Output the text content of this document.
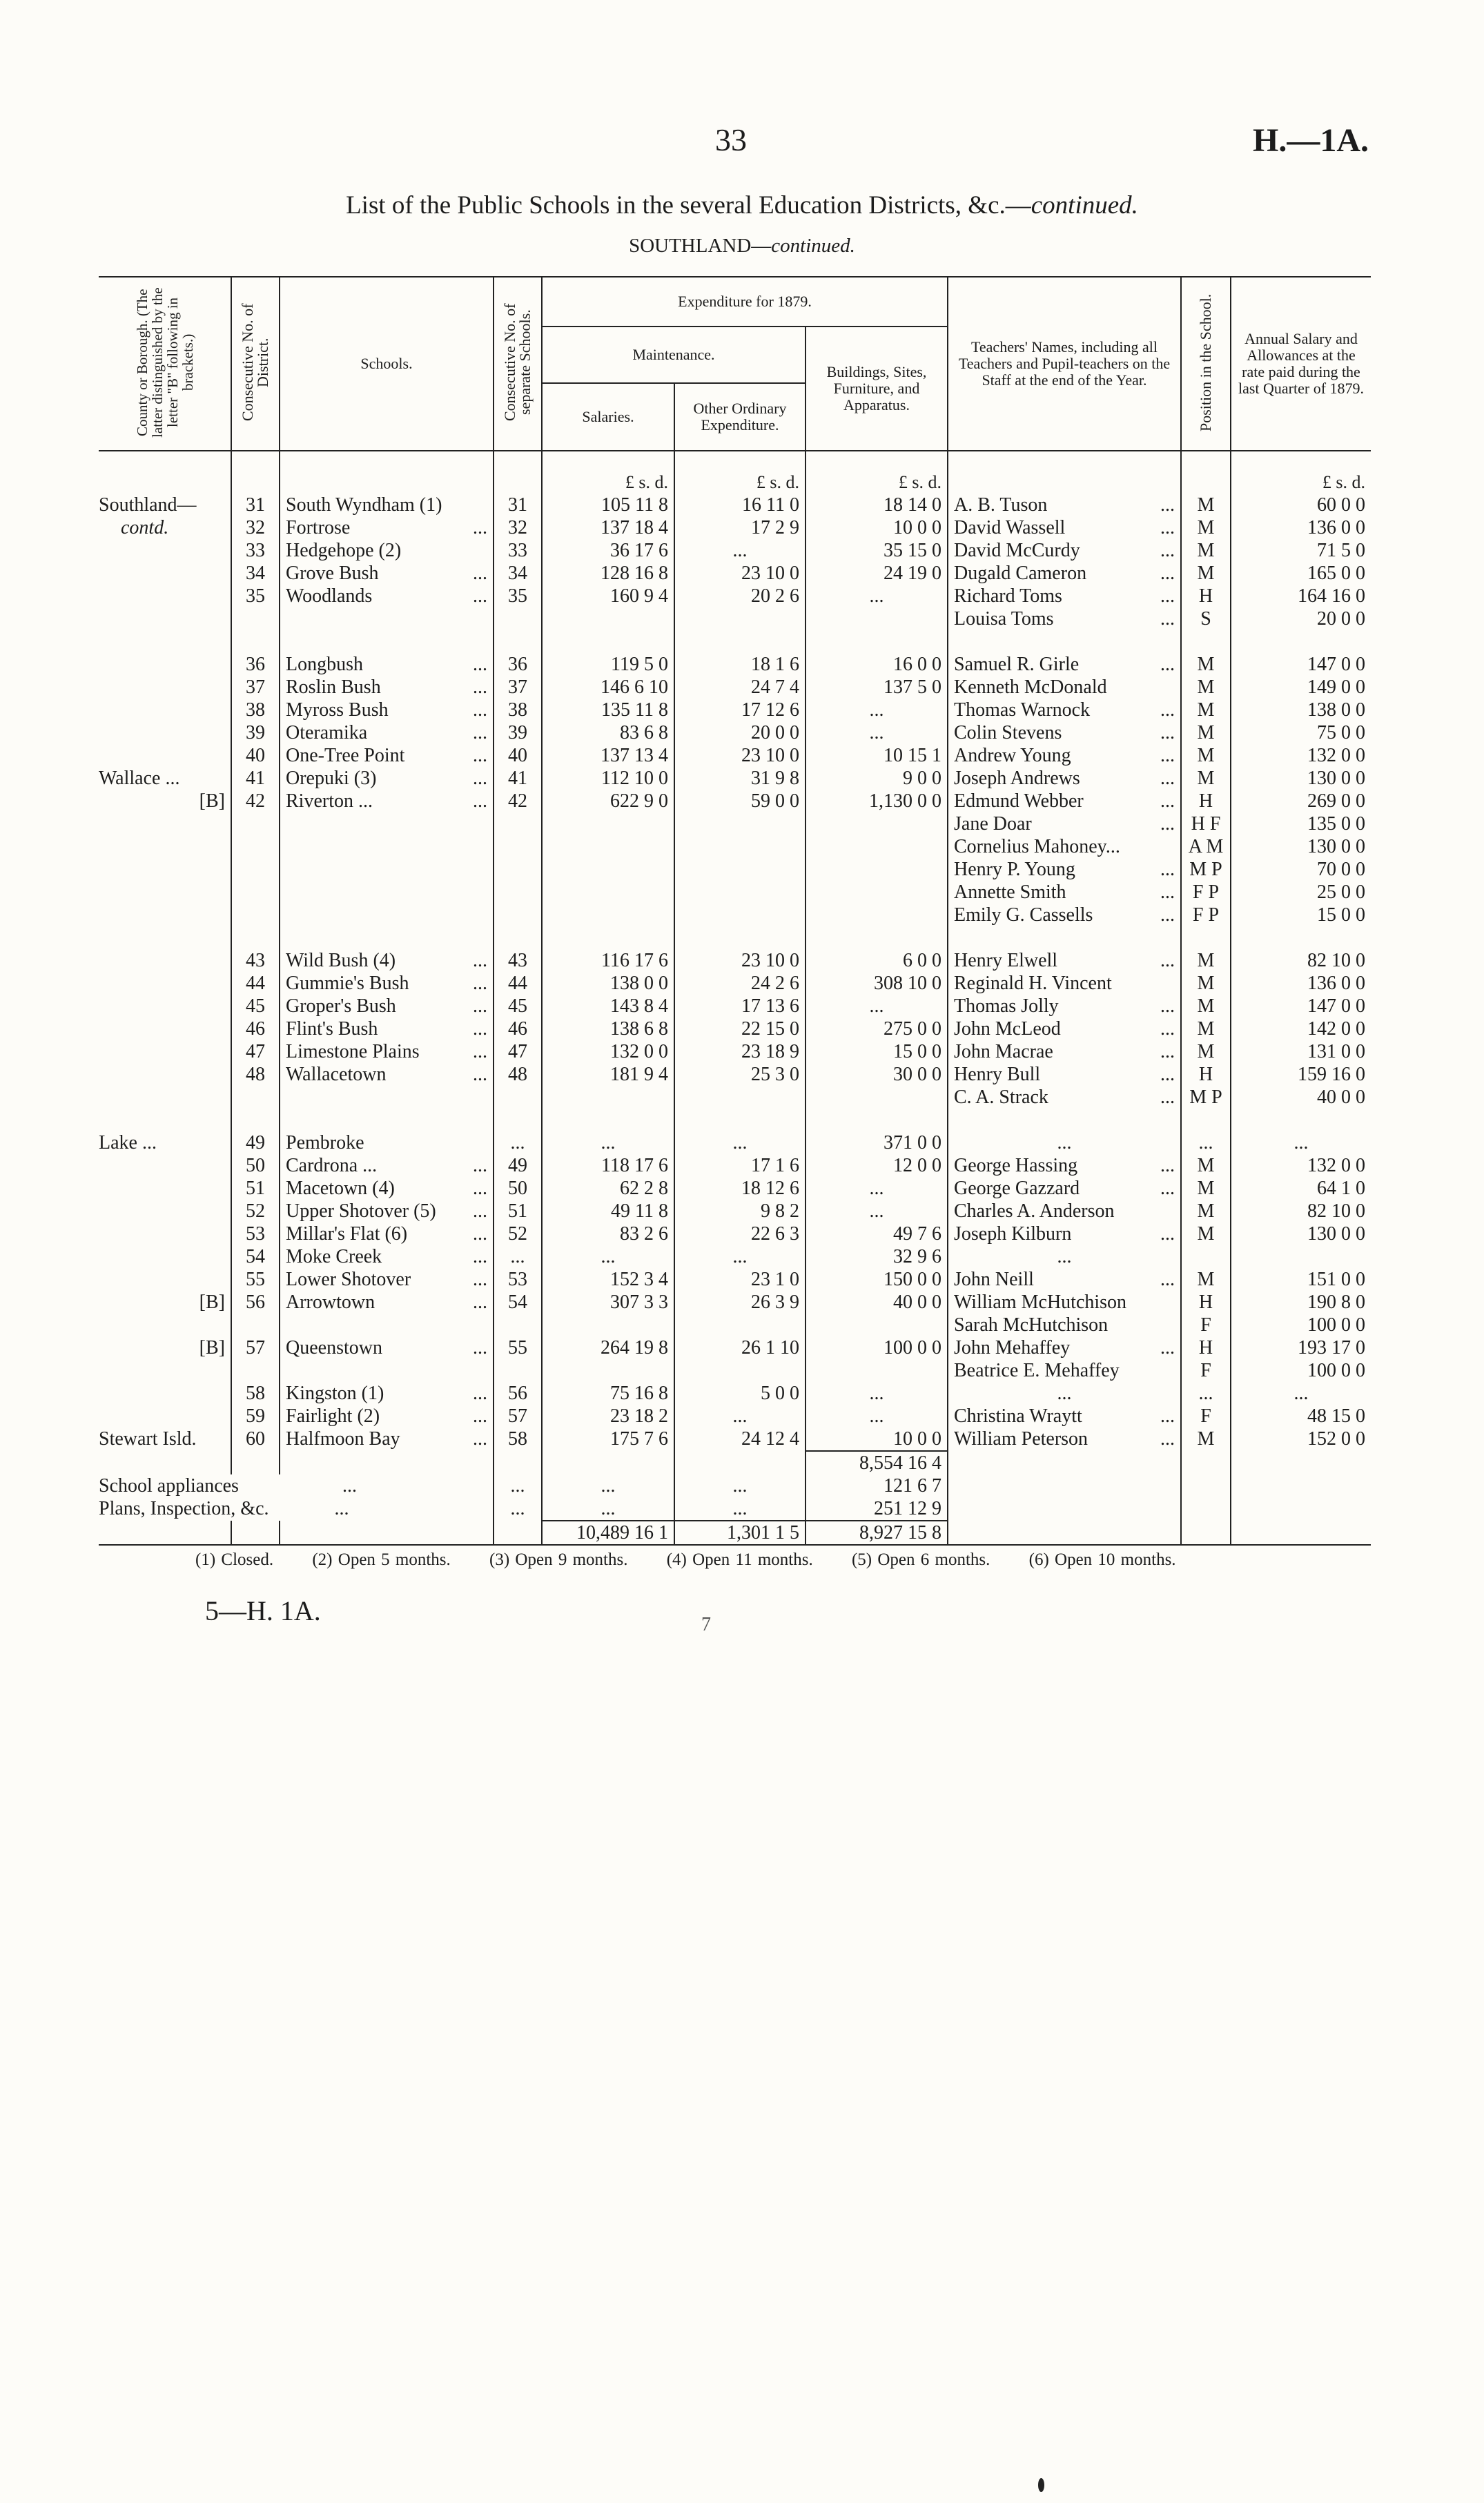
33	H.—1A.
List of the Public Schools in the several Education Districts, &c.—continued.
SOUTHLAND—continued.
County or Borough. (The latter distinguished by the letter "B" following in brackets.)	Consecutive No. of District.	Schools.	Consecutive No. of separate Schools.	Expenditure for 1879.			Teachers' Names, including all Teachers and Pupil-teachers on the Staff at the end of the Year.	Position in the School.	Annual Salary and Allowances at the rate paid during the last Quarter of 1879.
				Maintenance.		Buildings, Sites, Furniture, and Apparatus.			
				Salaries.	Other Ordinary Expenditure.				
				£ s. d.	£ s. d.	£ s. d.			£ s. d.
Southland—	31	South Wyndham (1)	31	105 11 8	16 11 0	18 14 0	A. B. Tuson ...	M	60 0 0
contd.	32	Fortrose ...	32	137 18 4	17 2 9	10 0 0	David Wassell ...	M	136 0 0
	33	Hedgehope (2)	33	36 17 6	...	35 15 0	David McCurdy ...	M	71 5 0
	34	Grove Bush ...	34	128 16 8	23 10 0	24 19 0	Dugald Cameron ...	M	165 0 0
	35	Woodlands ...	35	160 9 4	20 2 6	...	Richard Toms ...	H	164 16 0

					Louisa Toms ...	S	20 0 0

	36	Longbush ...	36	119 5 0	18 1 6	16 0 0	Samuel R. Girle ...	M	147 0 0
	37	Roslin Bush ...	37	146 6 10	24 7 4	137 5 0	Kenneth McDonald	M	149 0 0
	38	Myross Bush ...	38	135 11 8	17 12 6	...	Thomas Warnock ...	M	138 0 0
	39	Oteramika ...	39	83 6 8	20 0 0	...	Colin Stevens ...	M	75 0 0
	40	One-Tree Point ...	40	137 13 4	23 10 0	10 15 1	Andrew Young ...	M	132 0 0
Wallace ...	41	Orepuki (3) ...	41	112 10 0	31 9 8	9 0 0	Joseph Andrews ...	M	130 0 0
[B]	42	Riverton ... ...	42	622 9 0	59 0 0	1,130 0 0	Edmund Webber ...	H	269 0 0

					Jane Doar ...	H F	135 0 0

					Cornelius Mahoney...	A M	130 0 0

					Henry P. Young ...	M P	70 0 0

					Annette Smith ...	F P	25 0 0

					Emily G. Cassells ...	F P	15 0 0

	43	Wild Bush (4) ...	43	116 17 6	23 10 0	6 0 0	Henry Elwell ...	M	82 10 0
	44	Gummie's Bush ...	44	138 0 0	24 2 6	308 10 0	Reginald H. Vincent	M	136 0 0
	45	Groper's Bush ...	45	143 8 4	17 13 6	...	Thomas Jolly ...	M	147 0 0
	46	Flint's Bush ...	46	138 6 8	22 15 0	275 0 0	John McLeod ...	M	142 0 0
	47	Limestone Plains ...	47	132 0 0	23 18 9	15 0 0	John Macrae ...	M	131 0 0
	48	Wallacetown ...	48	181 9 4	25 3 0	30 0 0	Henry Bull ...	H	159 16 0

					C. A. Strack ...	M P	40 0 0

Lake ...	49	Pembroke	...	...	...	371 0 0	...	...	...
	50	Cardrona ... ...	49	118 17 6	17 1 6	12 0 0	George Hassing ...	M	132 0 0
	51	Macetown (4) ...	50	62 2 8	18 12 6	...	George Gazzard ...	M	64 1 0
	52	Upper Shotover (5) ...	51	49 11 8	9 8 2	...	Charles A. Anderson	M	82 10 0
	53	Millar's Flat (6) ...	52	83 2 6	22 6 3	49 7 6	Joseph Kilburn ...	M	130 0 0
	54	Moke Creek ...	...	...	...	32 9 6	...

	55	Lower Shotover ...	53	152 3 4	23 1 0	150 0 0	John Neill ...	M	151 0 0
[B]	56	Arrowtown ...	54	307 3 3	26 3 9	40 0 0	William McHutchison	H	190 8 0

					Sarah McHutchison	F	100 0 0
[B]	57	Queenstown ...	55	264 19 8	26 1 10	100 0 0	John Mehaffey ...	H	193 17 0

					Beatrice E. Mehaffey	F	100 0 0
	58	Kingston (1) ...	56	75 16 8	5 0 0	...	...	...	...
	59	Fairlight (2) ...	57	23 18 2	...	...	Christina Wraytt ...	F	48 15 0
Stewart Isld.	60	Halfmoon Bay ...	58	175 7 6	24 12 4	10 0 0	William Peterson ...	M	152 0 0
						8,554 16 4			
School appliances ...			...	...	...	121 6 7			
Plans, Inspection, &c. ...			...	...	...	251 12 9			
				10,489 16 1	1,301 1 5	8,927 15 8			

(1) Closed. (2) Open 5 months. (3) Open 9 months. (4) Open 11 months. (5) Open 6 months. (6) Open 10 months.
5—H. 1A.	7
